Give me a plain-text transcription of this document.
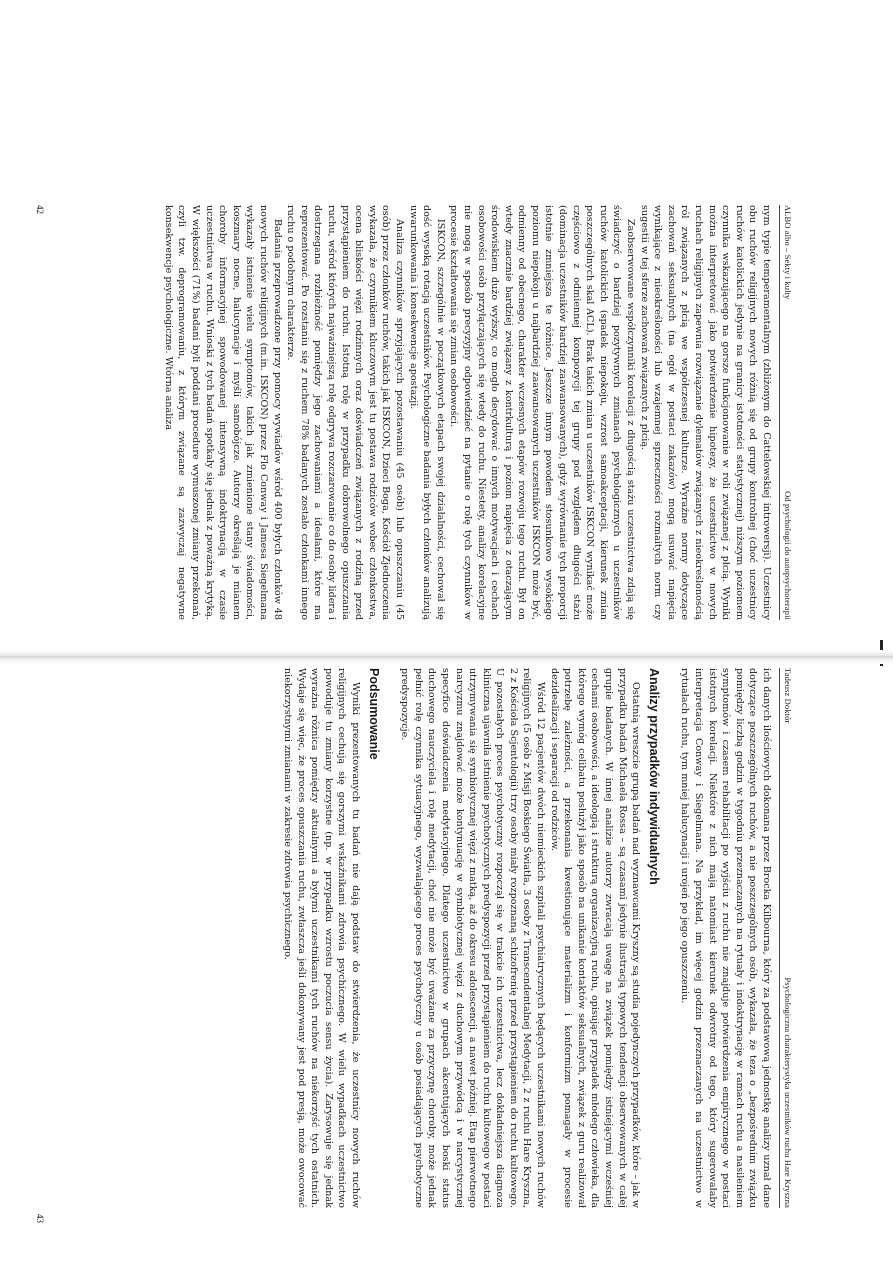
ALBO albo – Sekty i kulty
Od psychologii do autopsychoterapii

nym typie temperamentalnym (zbliżonym do Cattelowskiej introwersji). Uczestnicy obu ruchów religijnych nowych różnią się od grupy kontrolnej (choć uczestnicy ruchów katolickich jedynie na granicy istotności statystycznej) niższym poziomem czynnika wskazującego na gorsze funkcjonowanie w roli związanej z płcią. Wyniki można interpretować jako potwierdzenie hipotezy, że uczestnictwo w nowych ruchach religijnych zapewnia rozwiązanie dylematów związanych z nieokreślonością ról związanych z płcią we współczesnej kulturze. Wyraźne normy dotyczące zachowań seksualnych (na ogół w postaci zakazów) mogą usuwać napięcia wynikające z nieokreśloności lub wzajemnej sprzeczności rozmaitych norm czy sugestii w tej sferze zachowań związanych z płcią.

Zaobserwowane współczynniki korelacji z długością stażu uczestnictwa zdają się świadczyć o bardziej pozytywnych zmianach psychologicznych u uczestników ruchów katolickich (spadek niepokoju, wzrost samoakceptacji, kierunek zmian poszczególnych skal ACL). Brak takich zmian u uczestników ISKCON wynikać może częściowo z odmiennej kompozycji tej grupy pod względem długości stażu (dominacja uczestników bardziej zaawansowanych), gdyż wyrównanie tych proporcji istotnie zmniejsza te różnice. Jeszcze innym powodem stosunkowo wysokiego poziomu niepokoju u najbardziej zaawansowanych uczestników ISKCON może być, odmienny od obecnego, charakter wczesnych etapów rozwoju tego ruchu. Był on wtedy znacznie bardziej związany z kontrkulturą i poziom napięcia z otaczającym środowiskiem dużo wyższy, co mogło decydować o innych motywacjach i cechach osobowości osób przyłączających się wtedy do ruchu. Niestety, analizy korelacyjne nie mogą w sposób precyzyjny odpowiedzieć na pytanie o rolę tych czynników w procesie kształtowania się zmian osobowości.

ISKCON, szczególnie w początkowych etapach swojej działalności, cechował się dość wysoką rotacją uczestników. Psychologiczne badania byłych członków analizują uwarunkowania i konsekwencje apostazji.

Analiza czynników sprzyjających pozostawaniu (45 osób) lub opuszczaniu (45 osób) przez członków ruchów, takich jak ISKCON, Dzieci Boga, Kościół Zjednoczenia wykazała, że czynnikiem kluczowym jest tu postawa rodziców wobec członkostwa, ocena bliskości więzi rodzinnych oraz doświadczeń związanych z rodziną przed przystąpieniem do ruchu. Istotną rolę w przypadku dobrowolnego opuszczania ruchu, wśród których najważniejszą rolę odgrywa rozczarowanie co do osoby lidera i dostrzegana rozbieżność pomiędzy jego zachowaniami a ideałami, które ma reprezentować. Po rozstaniu się z ruchem 78% badanych zostało członkami innego ruchu o podobnym charakterze.

Badania przeprowadzone przy pomocy wywiadów wśród 400 byłych członków 48 nowych ruchów religijnych (m.in. ISKCON) przez Flo Conway i Jamesa Siegelmana wykazały istnienie wielu symptomów, takich jak zmienione stany świadomości, koszmary nocne, halucynacje i myśli samobójcze. Autorzy określają je mianem choroby informacyjnej spowodowanej intensywną indoktrynacją w czasie uczestnictwa w ruchu. Wnioski z tych badań spotkały się jednak z poważną krytyką. W większości (71%) badani byli poddani procedure wymuszonej zmiany przekonań, czyli tzw. deprogramowaniu, z którym związane są zazwyczaj negatywne konsekwencje psychologiczne. Wtórna analiza

42
Tadeusz Doktór
Psychologiczna charakterystyka uczestników ruchu Hare Kryszna

ich danych ilościowych dokonana przez Brocka Kilbourna, który za podstawową jednostkę analizy uznał dane dotyczące poszczególnych ruchów, a nie poszczególnych osób, wykazała, że teza o „bezpośrednim związku pomiędzy liczbą godzin w tygodniu przeznaczanych na rytuały i indoktrynację w ramach ruchu a nasileniem symptomów i czasem rehabilitacji po wyjściu z ruchu nie znajduje potwierdzenia empirycznego w postaci istotnych korelacji. Niektóre z nich mają natomiast kierunek odwrotny od tego, który sugerowałaby interpretacja Conway i Siegelmana. Na przykład, im więcej godzin przeznaczanych na uczestnictwo w rytuałach ruchu, tym mniej halucynacji i urojeń po jego opuszczeniu.

Analizy przypadków indywidualnych

Ostatnią wreszcie grupą badań nad wyznawcami Kryszny są studia pojedynczych przypadków, które – jak w przypadku badań Michaela Rossa – są czasami jedynie ilustracją typowych tendencji obserwowanych w całej grupie badanych. W innej analizie autorzy zwracają uwagę na związek pomiędzy istniejącymi wcześniej cechami osobowości, a ideologią i strukturą organizacyjną ruchu, opisując przypadek młodego człowieka, dla którego wymóg celibatu posłużył jako sposób na unikanie kontaktów seksualnych, związek z guru realizował potrzebę zależności, a przekonania kwestionujące materializm i konformizm pomagały w procesie dezidealizacji i separacji od rodziców.

Wśród 12 pacjentów dwóch niemieckich szpitali psychiatrycznych będących uczestnikami nowych ruchów religijnych (5 osób z Misji Boskiego Światła, 3 osoby z Transcendentalnej Medytacji, 2 z ruchu Hare Kryszna, 2 z Kościoła Scjentologii) trzy osoby miały rozpoznaną schizofrenię przed przystąpieniem do ruchu kultowego. U pozostałych proces psychotyczny rozpoczął się w trakcie ich uczestnictwa, lecz dokładniejsza diagnoza kliniczna ujawniła istnienie psychotycznych predyspozycji przed przystąpieniem do ruchu kultowego w postaci utrzymywania się symbiotycznej więzi z matką, aż do okresu adolescencji, a nawet później. Etap pierwotnego narcyzmu znajdować może kontynuację w symbiotycznej więzi z duchowym przywódcą i w narcystycznej specyfice doświadczenia medytacyjnego. Dlatego uczestnictwo w grupach akcentujących boski status duchowego nauczyciela i rolę medytacji, choć nie może być uważane za przyczynę choroby, może jednak pełnić rolę czynnika sytuacyjnego, wyzwalającego proces psychotyczny u osób posiadających psychotyczne predyspozycje.

Podsumowanie

Wyniki prezentowanych tu badań nie dają podstaw do stwierdzenia, że uczestnicy nowych ruchów religijnych cechują się gorszymi wskaźnikami zdrowia psychicznego. W wielu wypadkach uczestnictwo powoduje tu zmiany korzystne (np. w przypadku wzrostu poczucia sensu życia). Zarysowuje się jednak wyraźna różnica pomiędzy aktualnymi a byłymi uczestnikami tych ruchów na niekorzyść tych ostatnich. Wydaje się więc, że proces opuszczania ruchu, zwłaszcza jeśli dokonywany jest pod presją, może owocować niekorzystnymi zmianami w zakresie zdrowia psychicznego.

43
